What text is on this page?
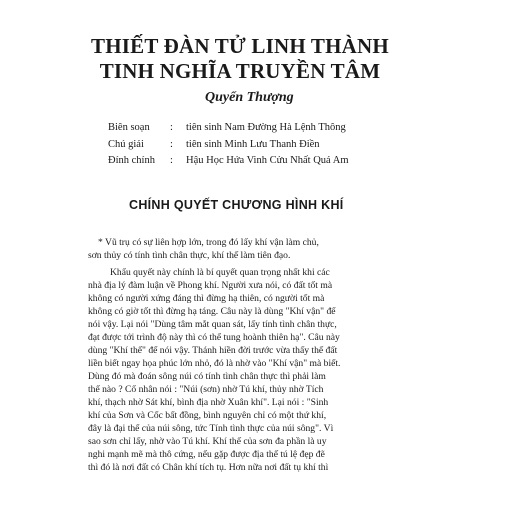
THIẾT ĐÀN TỬ LINH THÀNH
TINH NGHĨA TRUYỀN TÂM
Quyển Thượng
Biên soạn : tiên sinh Nam Đường Hà Lệnh Thông
Chú giải : tiên sinh Minh Lưu Thanh Điền
Đính chính : Hậu Học Hứa Vinh Cửu Nhất Quá Am
CHÍNH QUYẾT CHƯƠNG HÌNH KHÍ
* Vũ trụ có sự liên hợp lớn, trong đó lấy khí vận làm chủ,
sơn thủy có tính tình chân thực, khí thế làm tiên đạo.
Khẩu quyết này chính là bí quyết quan trọng nhất khi các
nhà địa lý đàm luận về Phong khí. Người xưa nói, có đất tốt mà
không có người xứng đáng thì đừng hạ thiên, có người tốt mà
không có giờ tốt thì đừng hạ táng. Câu này là dùng "Khí vận" để
nói vậy. Lại nói "Dùng tâm mắt quan sát, lấy tính tình chân thực,
đạt được tới trình độ này thì có thể tung hoành thiên hạ". Câu này
dùng "Khí thế" để nói vậy. Thánh hiền đời trước vừa thấy thế đất
liền biết ngay họa phúc lớn nhỏ, đó là nhờ vào "Khí vận" mà biết.
Dùng đó mà đoán sông núi có tính tình chân thực thì phải làm
thế nào ? Cổ nhân nói : "Núi (sơn) nhờ Tú khí, thủy nhờ Tích
khí, thạch nhờ Sát khí, bình địa nhờ Xuân khí". Lại nói : "Sinh
khí của Sơn và Cốc bất đồng, bình nguyên chỉ có một thứ khí,
đây là đại thể của núi sông, tức Tính tình thực của núi sông". Vì
sao sơn chỉ lấy, nhờ vào Tú khí. Khí thế của sơn đa phần là uy
nghi mạnh mẽ mà thô cứng, nếu gặp được địa thế tú lệ đẹp đẽ
thì đó là nơi đất có Chân khí tích tụ. Hơn nữa nơi đất tụ khí thì
